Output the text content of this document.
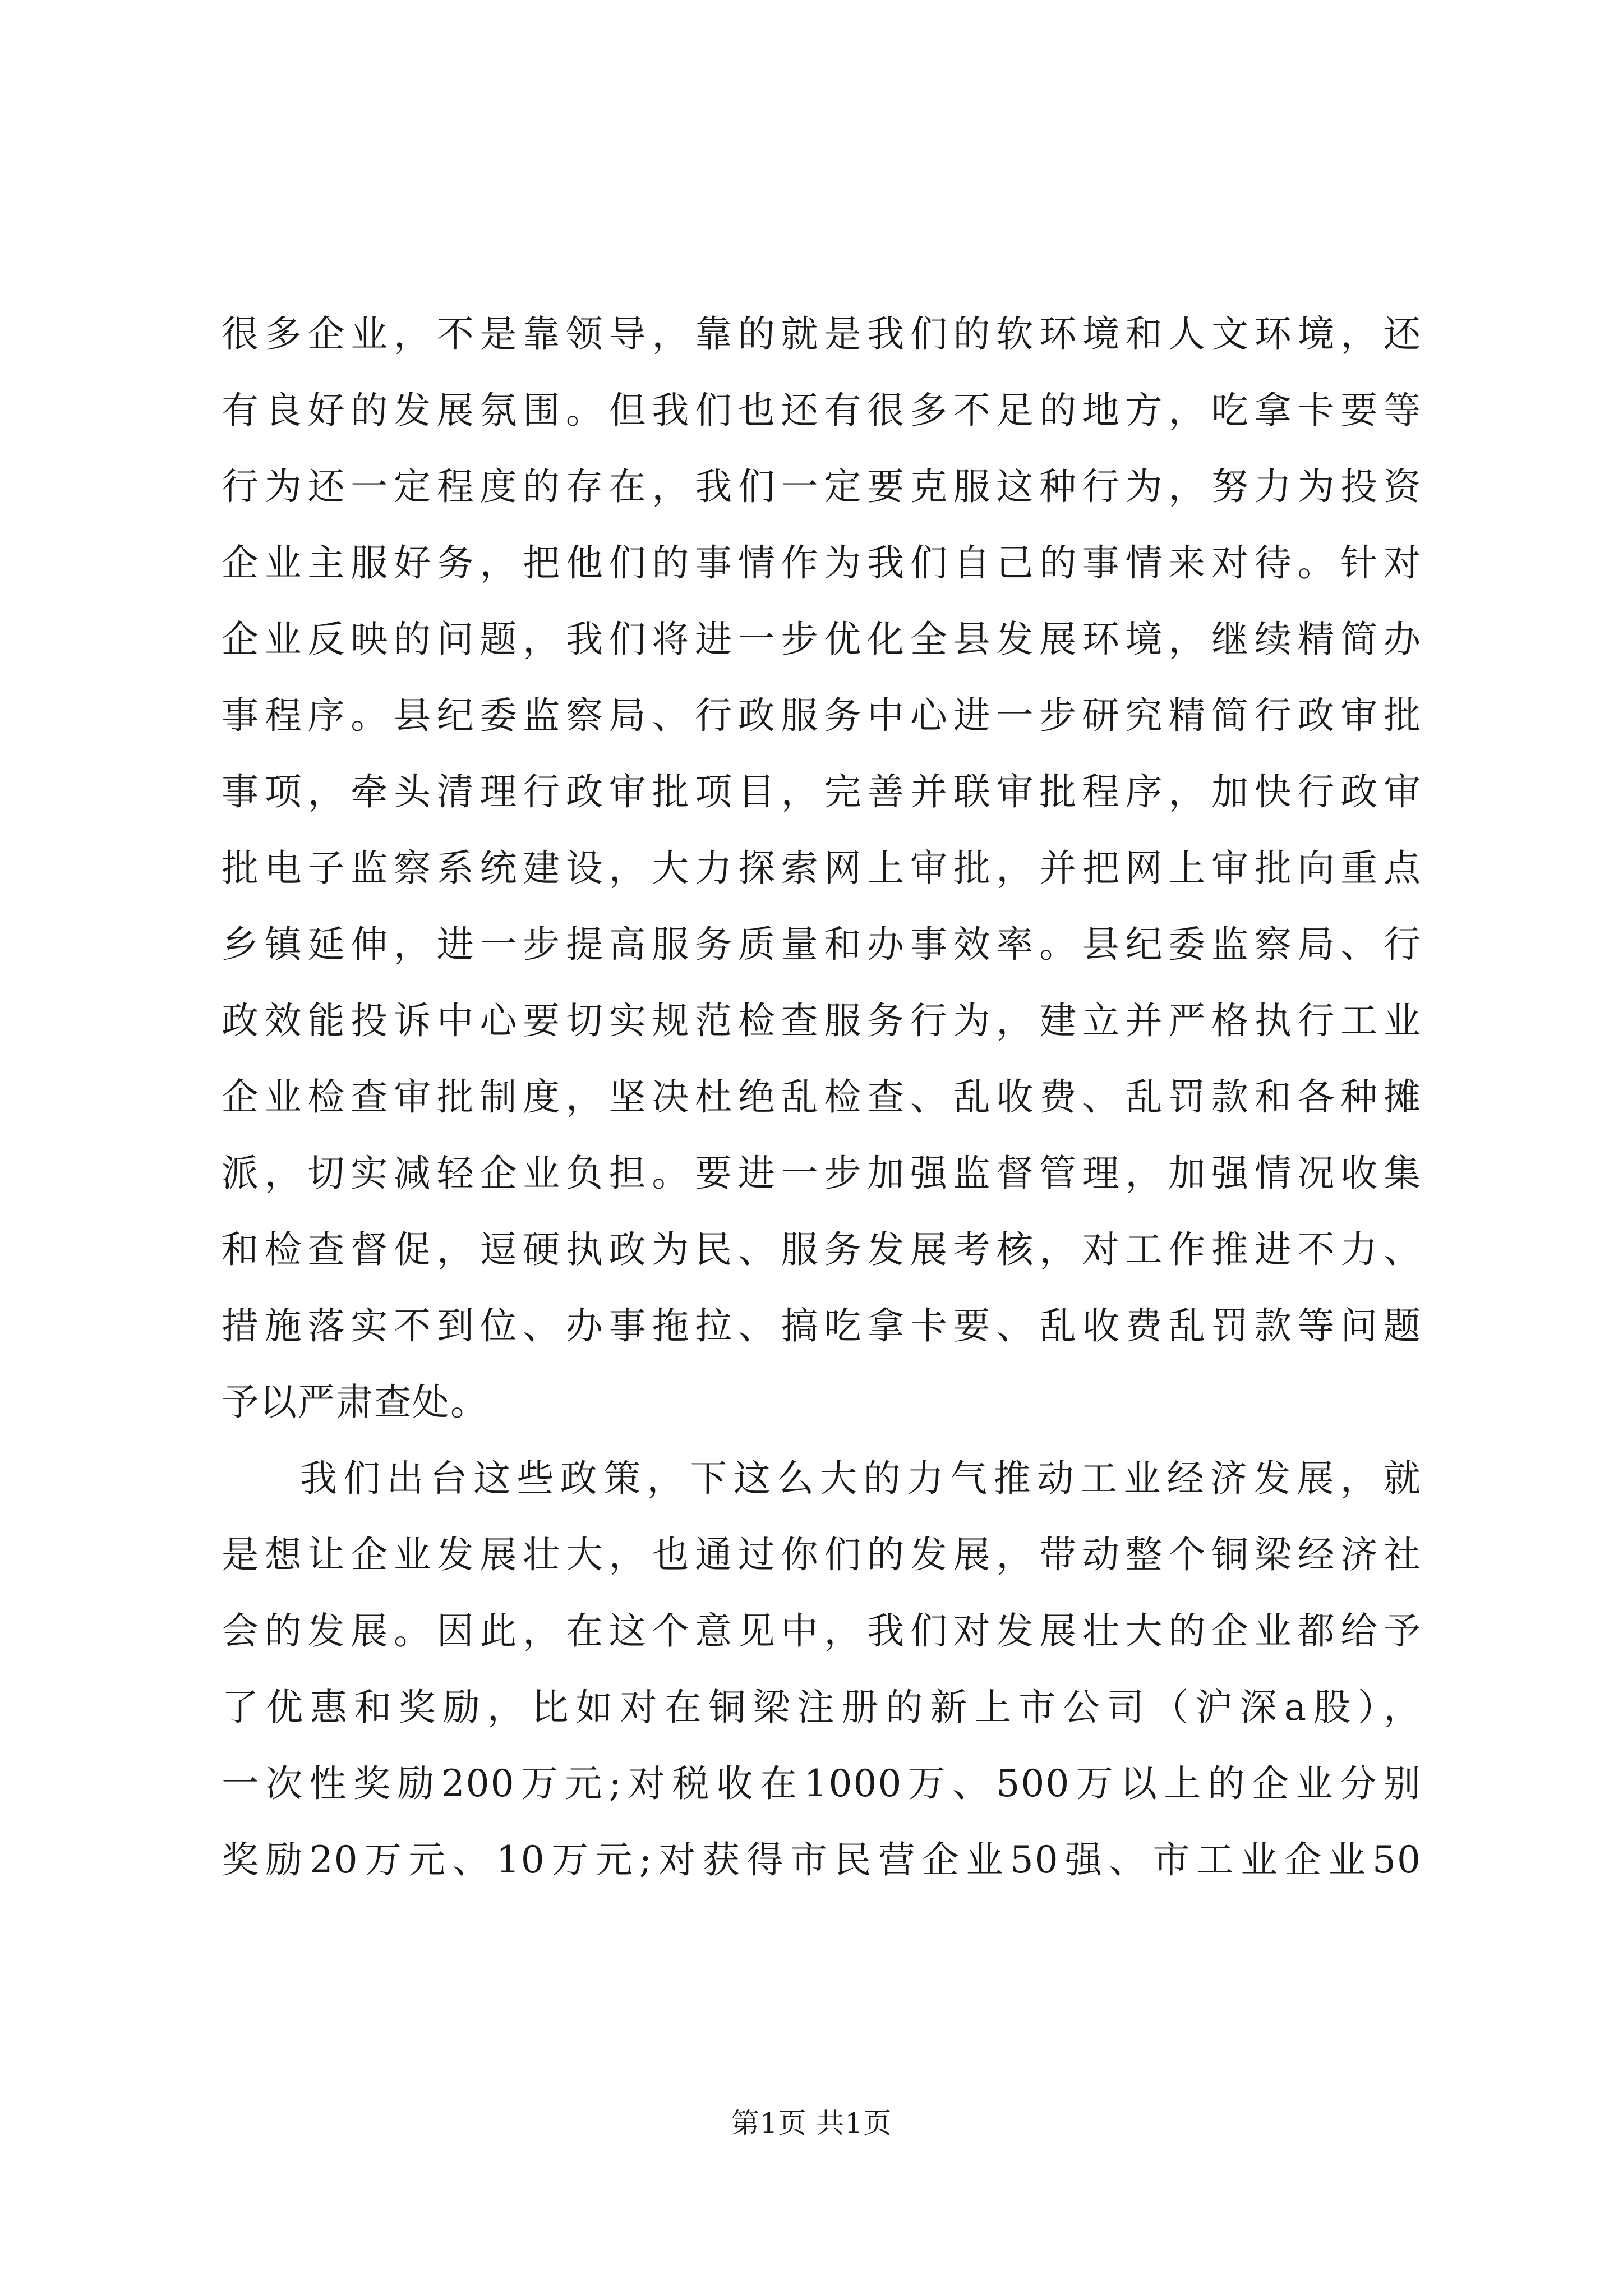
很多企业，不是靠领导，靠的就是我们的软环境和人文环境，还
有良好的发展氛围。但我们也还有很多不足的地方，吃拿卡要等
行为还一定程度的存在，我们一定要克服这种行为，努力为投资
企业主服好务，把他们的事情作为我们自己的事情来对待。针对
企业反映的问题，我们将进一步优化全县发展环境，继续精简办
事程序。县纪委监察局、行政服务中心进一步研究精简行政审批
事项，牵头清理行政审批项目，完善并联审批程序，加快行政审
批电子监察系统建设，大力探索网上审批，并把网上审批向重点
乡镇延伸，进一步提高服务质量和办事效率。县纪委监察局、行
政效能投诉中心要切实规范检查服务行为，建立并严格执行工业
企业检查审批制度，坚决杜绝乱检查、乱收费、乱罚款和各种摊
派，切实减轻企业负担。要进一步加强监督管理，加强情况收集
和检查督促，逗硬执政为民、服务发展考核，对工作推进不力、
措施落实不到位、办事拖拉、搞吃拿卡要、乱收费乱罚款等问题
予以严肃查处。
我们出台这些政策，下这么大的力气推动工业经济发展，就
是想让企业发展壮大，也通过你们的发展，带动整个铜梁经济社
会的发展。因此，在这个意见中，我们对发展壮大的企业都给予
了优惠和奖励，比如对在铜梁注册的新上市公司（沪深a股），
一次性奖励200万元;对税收在1000万、500万以上的企业分别
奖励20万元、10万元;对获得市民营企业50强、市工业企业50
第1页 共1页
